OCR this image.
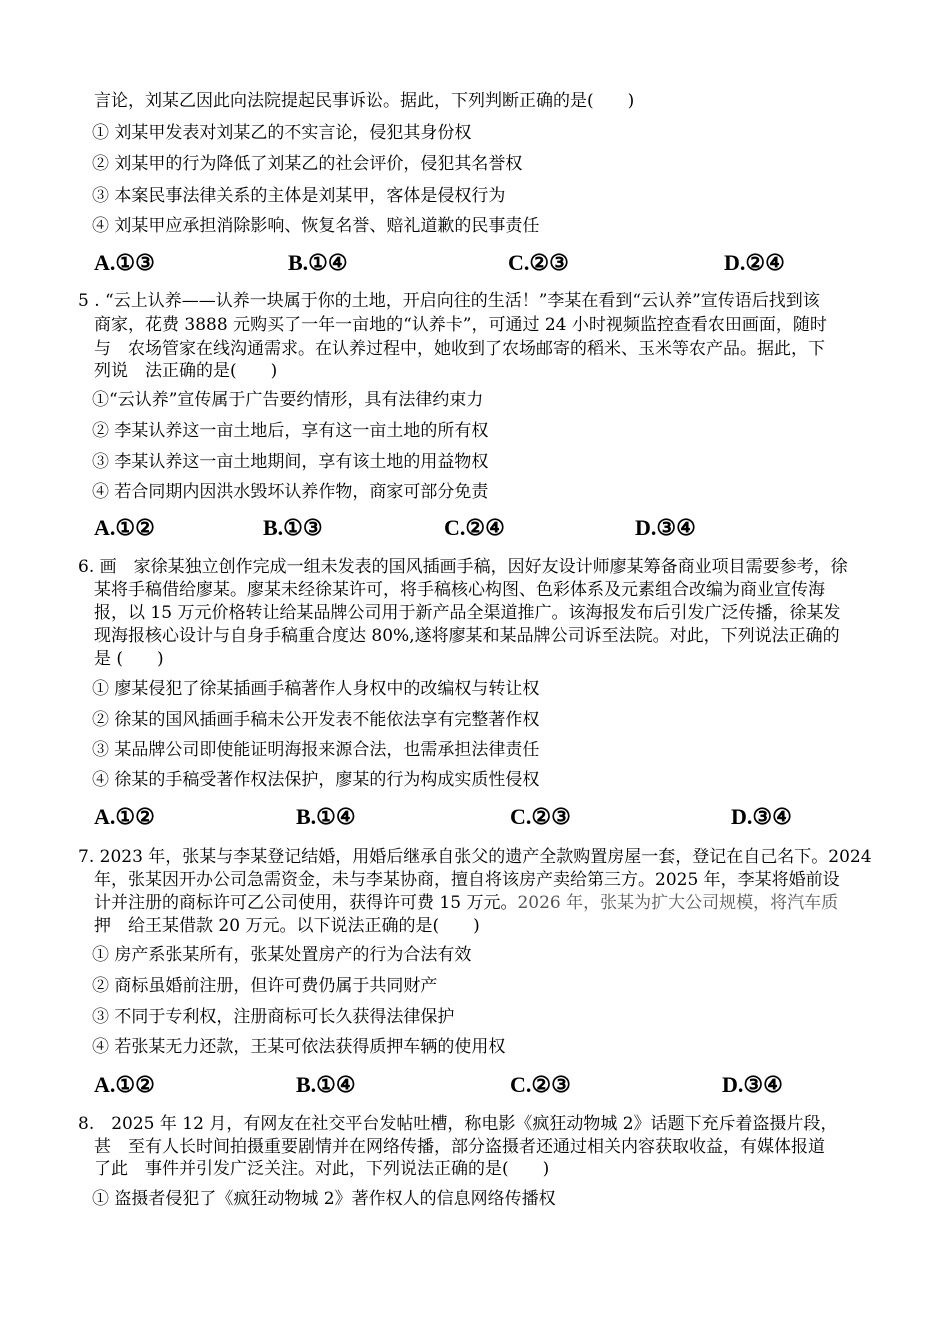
言论，刘某乙因此向法院提起民事诉讼。据此，下列判断正确的是(　　)
① 刘某甲发表对刘某乙的不实言论，侵犯其身份权
② 刘某甲的行为降低了刘某乙的社会评价，侵犯其名誉权
③ 本案民事法律关系的主体是刘某甲，客体是侵权行为
④ 刘某甲应承担消除影响、恢复名誉、赔礼道歉的民事责任
A.①③	B.①④	C.②③	D.②④
5 . “云上认养——认养一块属于你的土地，开启向往的生活！”李某在看到“云认养”宣传语后找到该
商家，花费 3888 元购买了一年一亩地的“认养卡”，可通过 24 小时视频监控查看农田画面，随时
与　农场管家在线沟通需求。在认养过程中，她收到了农场邮寄的稻米、玉米等农产品。据此，下
列说　法正确的是(　　)
①“云认养”宣传属于广告要约情形，具有法律约束力
② 李某认养这一亩土地后，享有这一亩土地的所有权
③ 李某认养这一亩土地期间，享有该土地的用益物权
④ 若合同期内因洪水毁坏认养作物，商家可部分免责
A.①②	B.①③	C.②④	D.③④
6. 画　家徐某独立创作完成一组未发表的国风插画手稿，因好友设计师廖某筹备商业项目需要参考，徐
某将手稿借给廖某。廖某未经徐某许可，将手稿核心构图、色彩体系及元素组合改编为商业宣传海
报，以 15 万元价格转让给某品牌公司用于新产品全渠道推广。该海报发布后引发广泛传播，徐某发
现海报核心设计与自身手稿重合度达 80%,遂将廖某和某品牌公司诉至法院。对此，下列说法正确的
是 (　　)
① 廖某侵犯了徐某插画手稿著作人身权中的改编权与转让权
② 徐某的国风插画手稿未公开发表不能依法享有完整著作权
③ 某品牌公司即使能证明海报来源合法，也需承担法律责任
④ 徐某的手稿受著作权法保护，廖某的行为构成实质性侵权
A.①②	B.①④	C.②③	D.③④
7. 2023 年，张某与李某登记结婚，用婚后继承自张父的遗产全款购置房屋一套，登记在自己名下。2024
年，张某因开办公司急需资金，未与李某协商，擅自将该房产卖给第三方。2025 年，李某将婚前设
计并注册的商标许可乙公司使用，获得许可费 15 万元。2026 年，张某为扩大公司规模，将汽车质
押　给王某借款 20 万元。以下说法正确的是(　　)
① 房产系张某所有，张某处置房产的行为合法有效
② 商标虽婚前注册，但许可费仍属于共同财产
③ 不同于专利权，注册商标可长久获得法律保护
④ 若张某无力还款，王某可依法获得质押车辆的使用权
A.①②	B.①④	C.②③	D.③④
8.　2025 年 12 月，有网友在社交平台发帖吐槽，称电影《疯狂动物城 2》话题下充斥着盗摄片段，
甚　至有人长时间拍摄重要剧情并在网络传播，部分盗摄者还通过相关内容获取收益，有媒体报道
了此　事件并引发广泛关注。对此，下列说法正确的是(　　)
① 盗摄者侵犯了《疯狂动物城 2》著作权人的信息网络传播权
